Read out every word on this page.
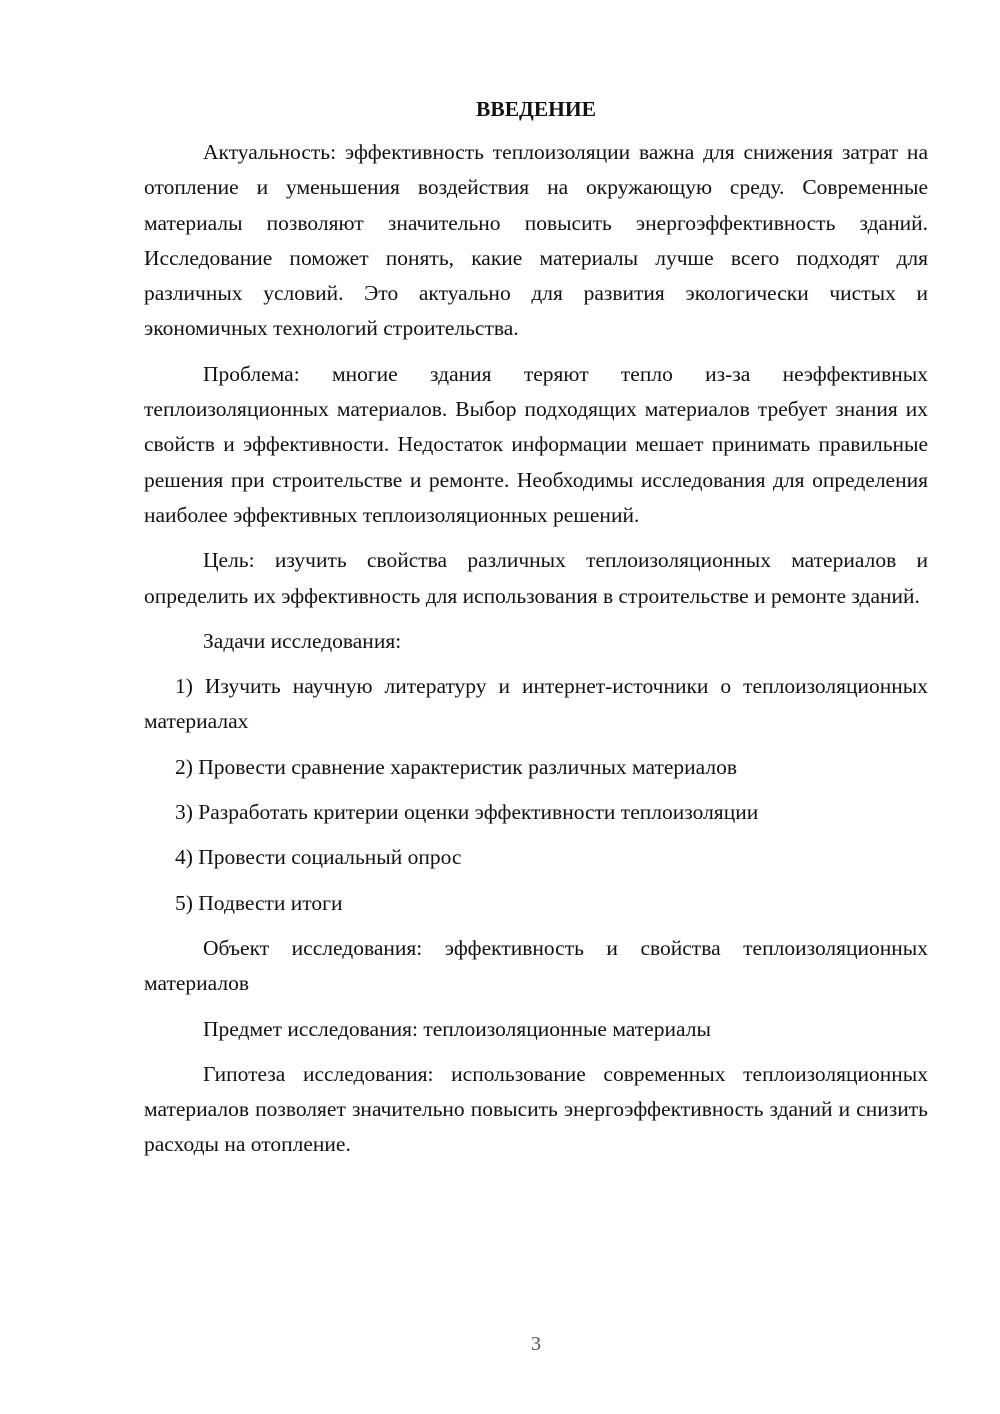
ВВЕДЕНИЕ

Актуальность: эффективность теплоизоляции важна для снижения затрат на отопление и уменьшения воздействия на окружающую среду. Современные материалы позволяют значительно повысить энергоэффективность зданий. Исследование поможет понять, какие материалы лучше всего подходят для различных условий. Это актуально для развития экологически чистых и экономичных технологий строительства.

Проблема: многие здания теряют тепло из-за неэффективных теплоизоляционных материалов. Выбор подходящих материалов требует знания их свойств и эффективности. Недостаток информации мешает принимать правильные решения при строительстве и ремонте. Необходимы исследования для определения наиболее эффективных теплоизоляционных решений.

Цель: изучить свойства различных теплоизоляционных материалов и определить их эффективность для использования в строительстве и ремонте зданий.

Задачи исследования:

1) Изучить научную литературу и интернет-источники о теплоизоляционных материалах

2) Провести сравнение характеристик различных материалов

3) Разработать критерии оценки эффективности теплоизоляции

4) Провести социальный опрос

5) Подвести итоги

Объект исследования: эффективность и свойства теплоизоляционных материалов

Предмет исследования: теплоизоляционные материалы

Гипотеза исследования: использование современных теплоизоляционных материалов позволяет значительно повысить энергоэффективность зданий и снизить расходы на отопление.

3
